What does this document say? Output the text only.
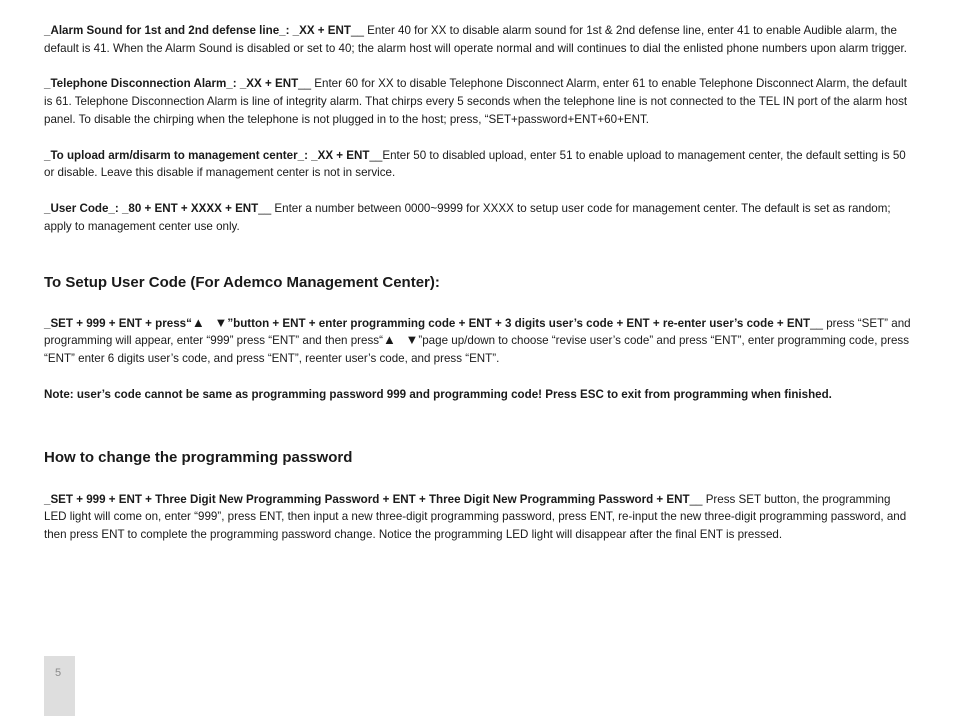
_Alarm Sound for 1st and 2nd defense line_: _XX + ENT__ Enter 40 for XX to disable alarm sound for 1st & 2nd defense line, enter 41 to enable Audible alarm, the default is 41. When the Alarm Sound is disabled or set to 40; the alarm host will operate normal and will continues to dial the enlisted phone numbers upon alarm trigger.

_Telephone Disconnection Alarm_: _XX + ENT__ Enter 60 for XX to disable Telephone Disconnect Alarm, enter 61 to enable Telephone Disconnect Alarm, the default is 61. Telephone Disconnection Alarm is line of integrity alarm. That chirps every 5 seconds when the telephone line is not connected to the TEL IN port of the alarm host panel. To disable the chirping when the telephone is not plugged in to the host; press, “SET+password+ENT+60+ENT.

_To upload arm/disarm to management center_: _XX + ENT__Enter 50 to disabled upload, enter 51 to enable upload to management center, the default setting is 50 or disable. Leave this disable if management center is not in service.

_User Code_: _80 + ENT + XXXX + ENT__ Enter a number between 0000~9999 for XXXX to setup user code for management center. The default is set as random; apply to management center use only.

To Setup User Code (For Ademco Management Center):

_SET + 999 + ENT + press“▲ ▼”button + ENT + enter programming code + ENT + 3 digits user’s code + ENT + re-enter user’s code + ENT__ press “SET” and programming will appear, enter “999” press “ENT” and then press“▲ ▼”page up/down to choose “revise user’s code” and press “ENT”, enter programming code, press “ENT” enter 6 digits user’s code, and press “ENT”, reenter user’s code, and press “ENT”.

Note: user’s code cannot be same as programming password 999 and programming code! Press ESC to exit from programming when finished.

How to change the programming password

_SET + 999 + ENT + Three Digit New Programming Password + ENT + Three Digit New Programming Password + ENT__ Press SET button, the programming LED light will come on, enter “999”, press ENT, then input a new three-digit programming password, press ENT, re-input the new three-digit programming password, and then press ENT to complete the programming password change. Notice the programming LED light will disappear after the final ENT is pressed.

5
